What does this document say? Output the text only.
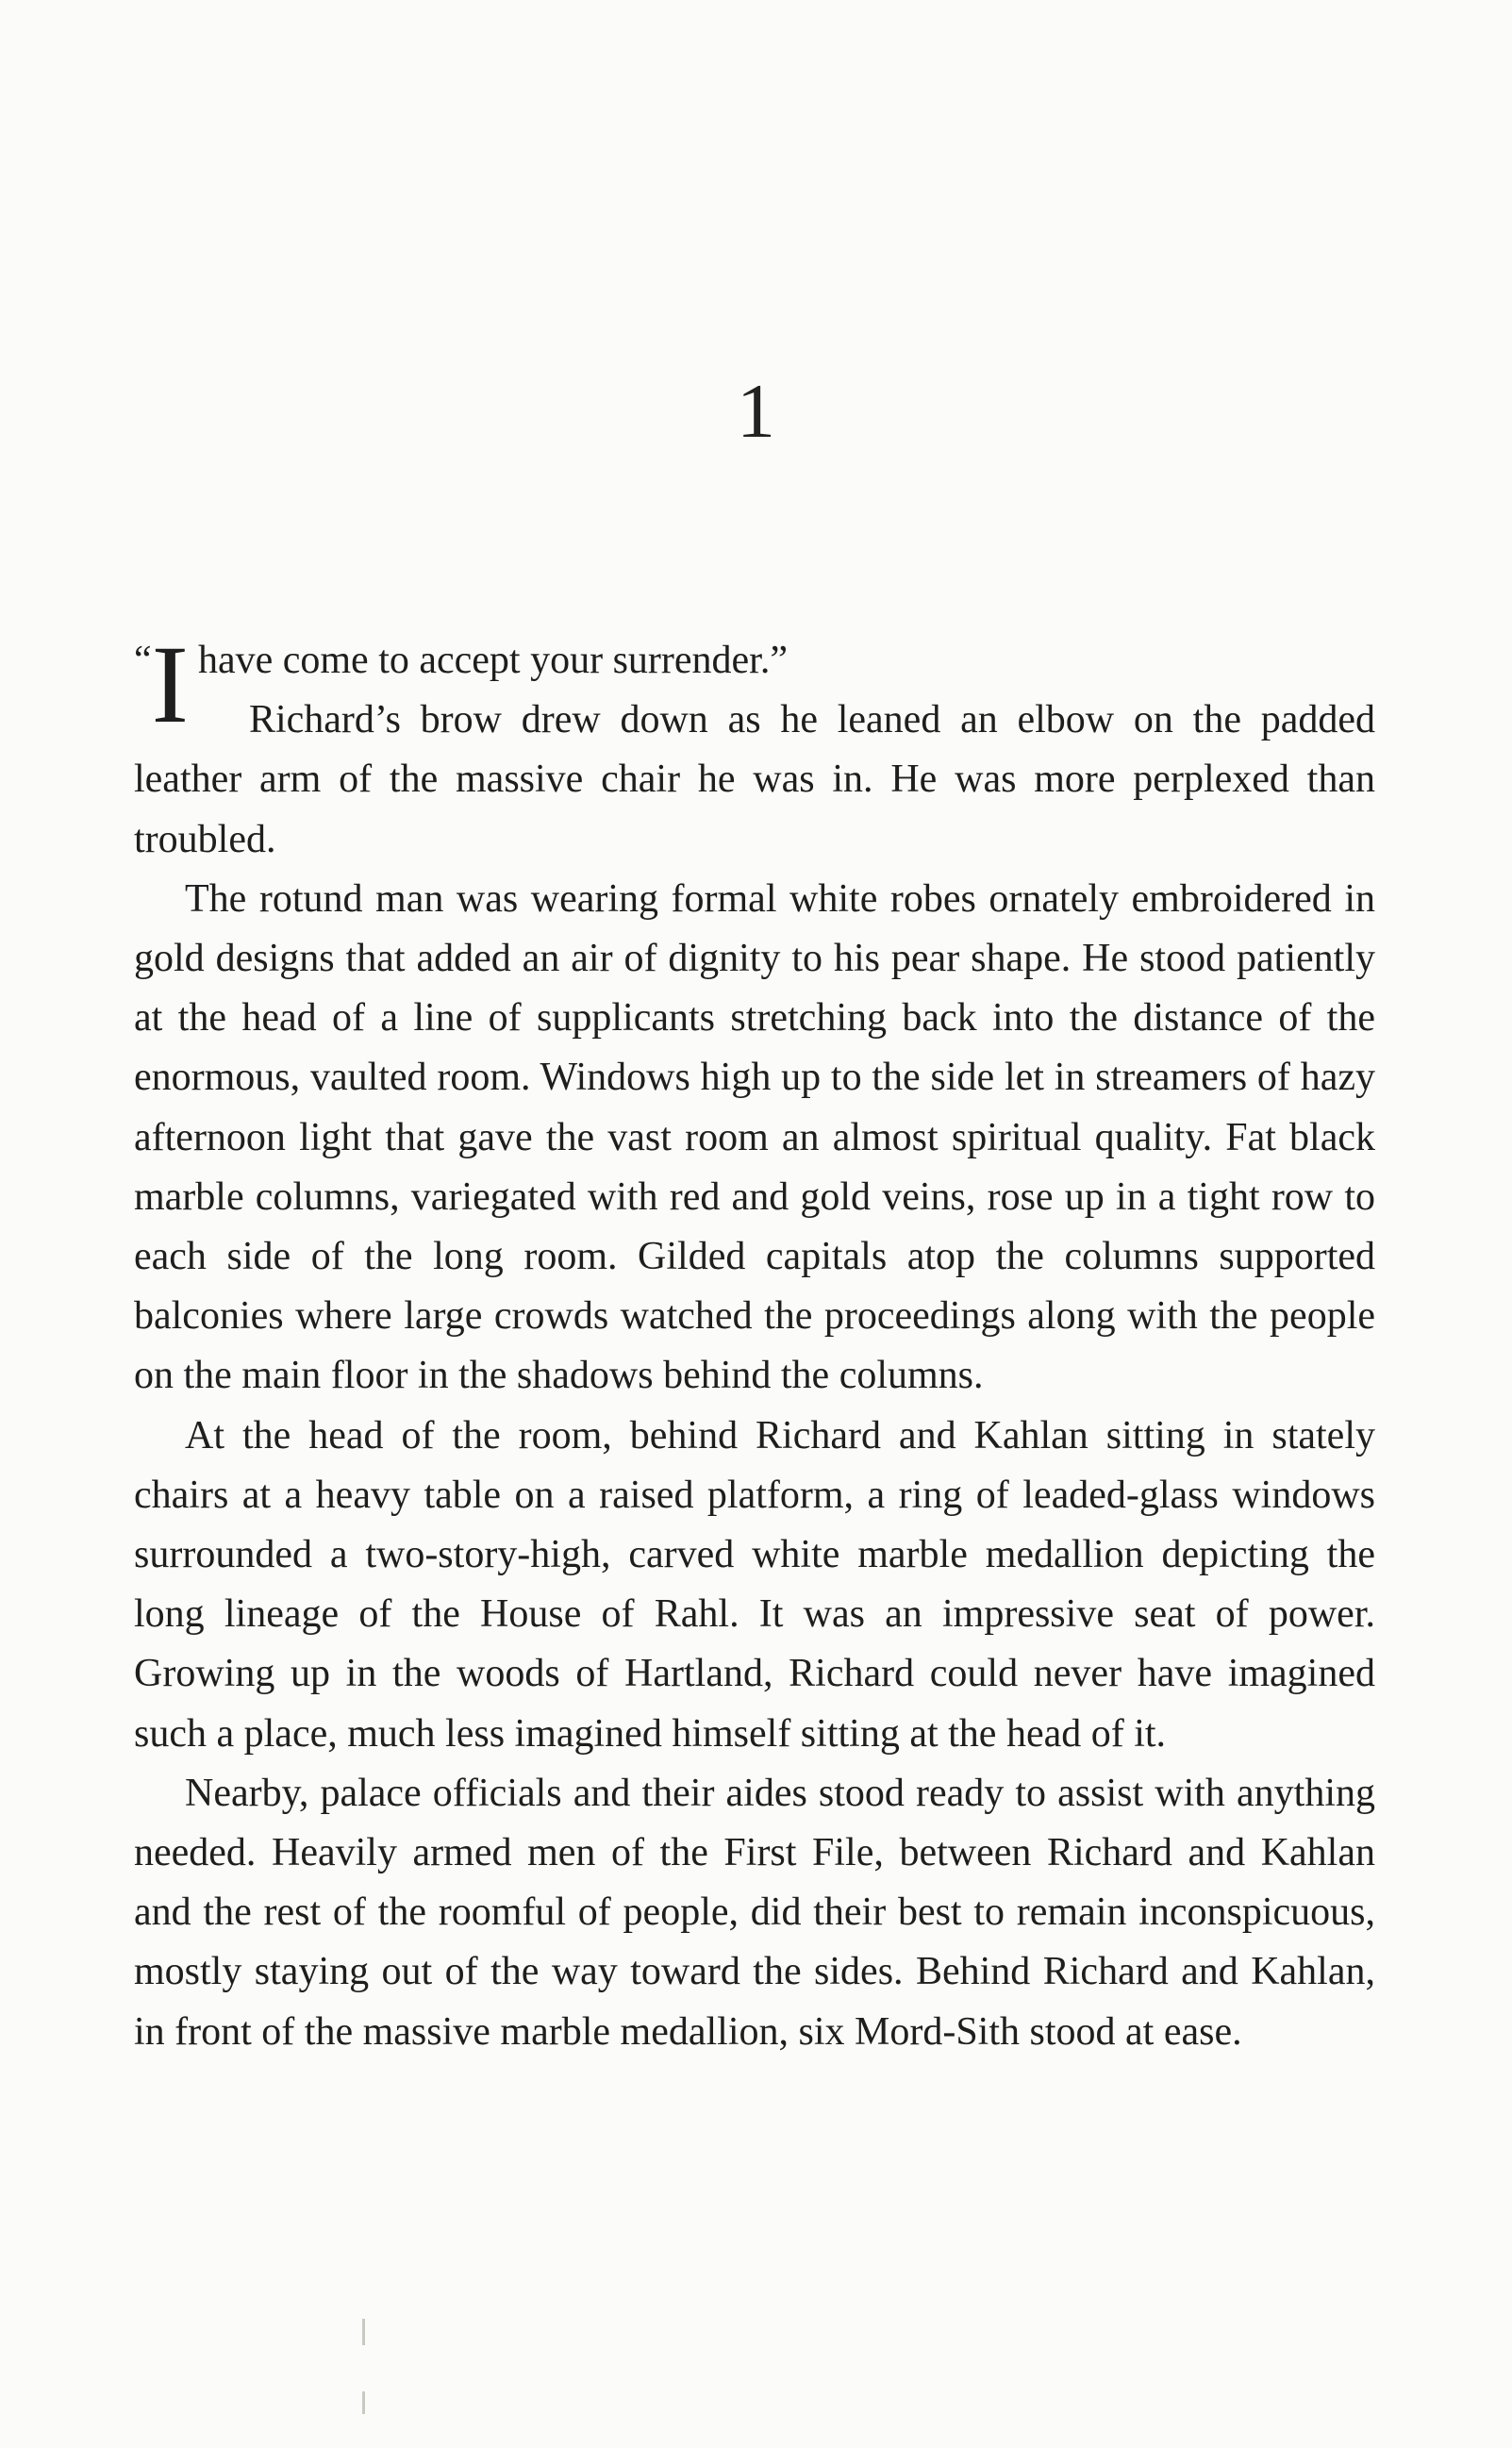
1

“ I have come to accept your surrender.”

Richard’s brow drew down as he leaned an elbow on the padded leather arm of the massive chair he was in. He was more perplexed than troubled.

The rotund man was wearing formal white robes ornately embroidered in gold designs that added an air of dignity to his pear shape. He stood patiently at the head of a line of supplicants stretching back into the distance of the enormous, vaulted room. Windows high up to the side let in streamers of hazy afternoon light that gave the vast room an almost spiritual quality. Fat black marble columns, variegated with red and gold veins, rose up in a tight row to each side of the long room. Gilded capitals atop the columns supported balconies where large crowds watched the proceedings along with the people on the main floor in the shadows behind the columns.

At the head of the room, behind Richard and Kahlan sitting in stately chairs at a heavy table on a raised platform, a ring of leaded-glass windows surrounded a two-story-high, carved white marble medallion depicting the long lineage of the House of Rahl. It was an impressive seat of power. Growing up in the woods of Hartland, Richard could never have imagined such a place, much less imagined himself sitting at the head of it.

Nearby, palace officials and their aides stood ready to assist with anything needed. Heavily armed men of the First File, between Richard and Kahlan and the rest of the roomful of people, did their best to remain inconspicuous, mostly staying out of the way toward the sides. Behind Richard and Kahlan, in front of the massive marble medallion, six Mord-Sith stood at ease.
